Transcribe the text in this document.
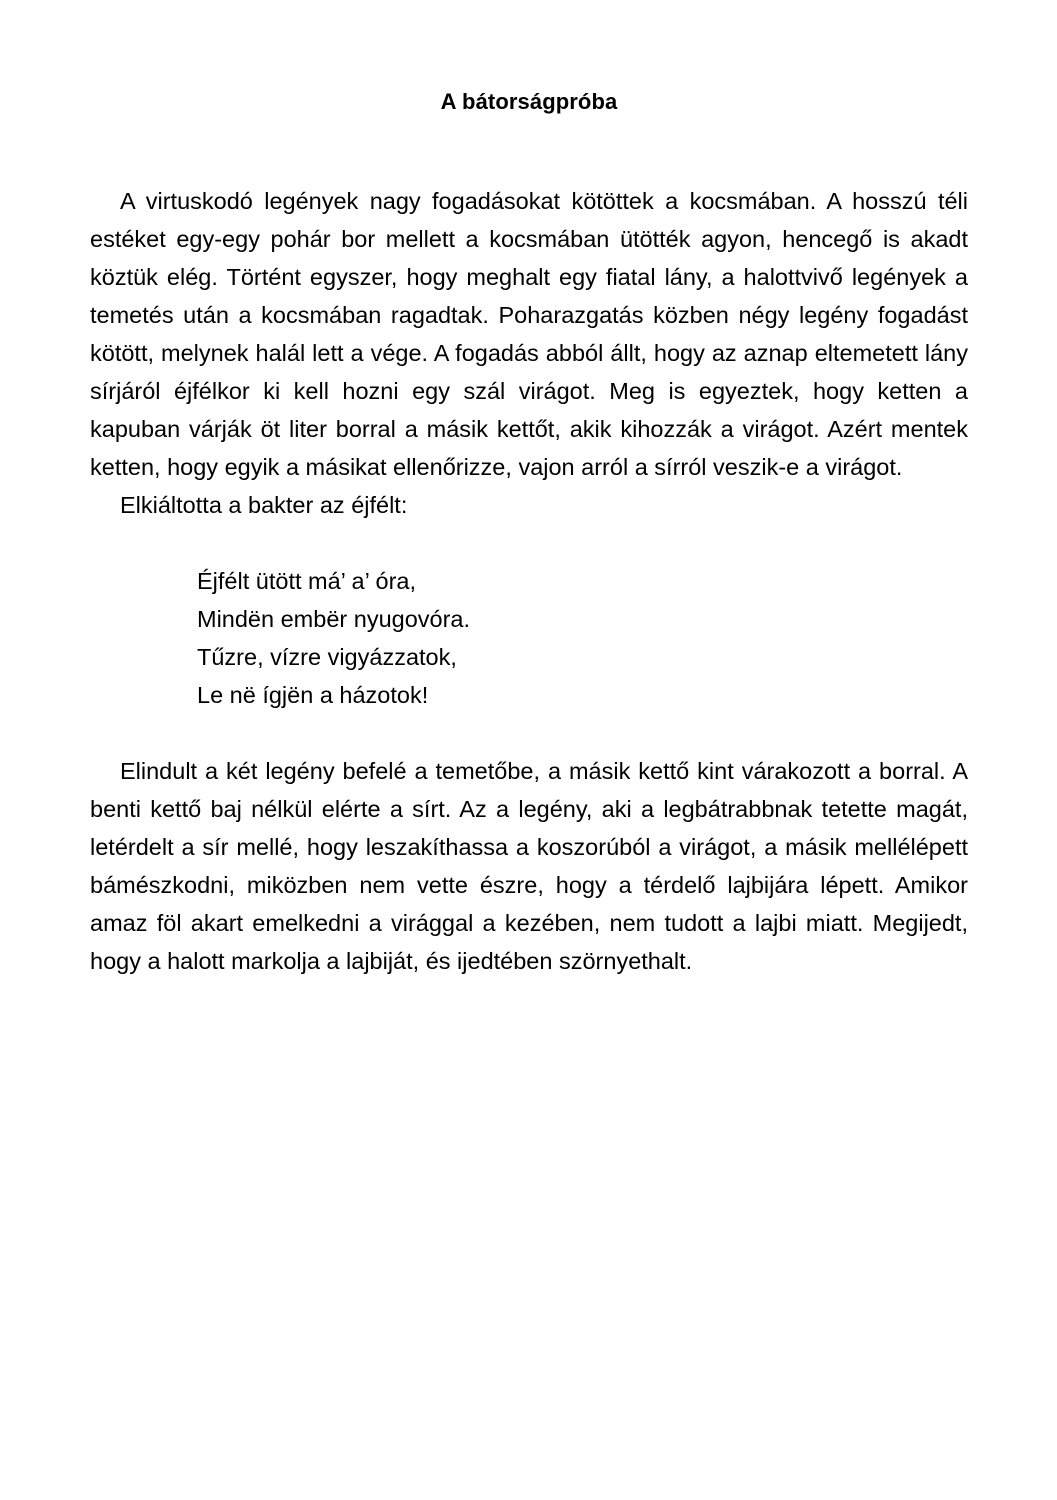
A bátorságpróba

A virtuskodó legények nagy fogadásokat kötöttek a kocsmában. A hosszú téli estéket egy-egy pohár bor mellett a kocsmában ütötték agyon, hencegő is akadt köztük elég. Történt egyszer, hogy meghalt egy fiatal lány, a halottvivő legények a temetés után a kocsmában ragadtak. Poharazgatás közben négy legény fogadást kötött, melynek halál lett a vége. A fogadás abból állt, hogy az aznap eltemetett lány sírjáról éjfélkor ki kell hozni egy szál virágot. Meg is egyeztek, hogy ketten a kapuban várják öt liter borral a másik kettőt, akik kihozzák a virágot. Azért mentek ketten, hogy egyik a másikat ellenőrizze, vajon arról a sírról veszik-e a virágot.

Elkiáltotta a bakter az éjfélt:

Éjfélt ütött má’ a’ óra,
Mindën embër nyugovóra.
Tűzre, vízre vigyázzatok,
Le në ígjën a házotok!

Elindult a két legény befelé a temetőbe, a másik kettő kint várakozott a borral. A benti kettő baj nélkül elérte a sírt. Az a legény, aki a legbátrabbnak tetette magát, letérdelt a sír mellé, hogy leszakíthassa a koszorúból a virágot, a másik mellélépett bámészkodni, miközben nem vette észre, hogy a térdelő lajbijára lépett. Amikor amaz föl akart emelkedni a virággal a kezében, nem tudott a lajbi miatt. Megijedt, hogy a halott markolja a lajbiját, és ijedtében szörnyethalt.
